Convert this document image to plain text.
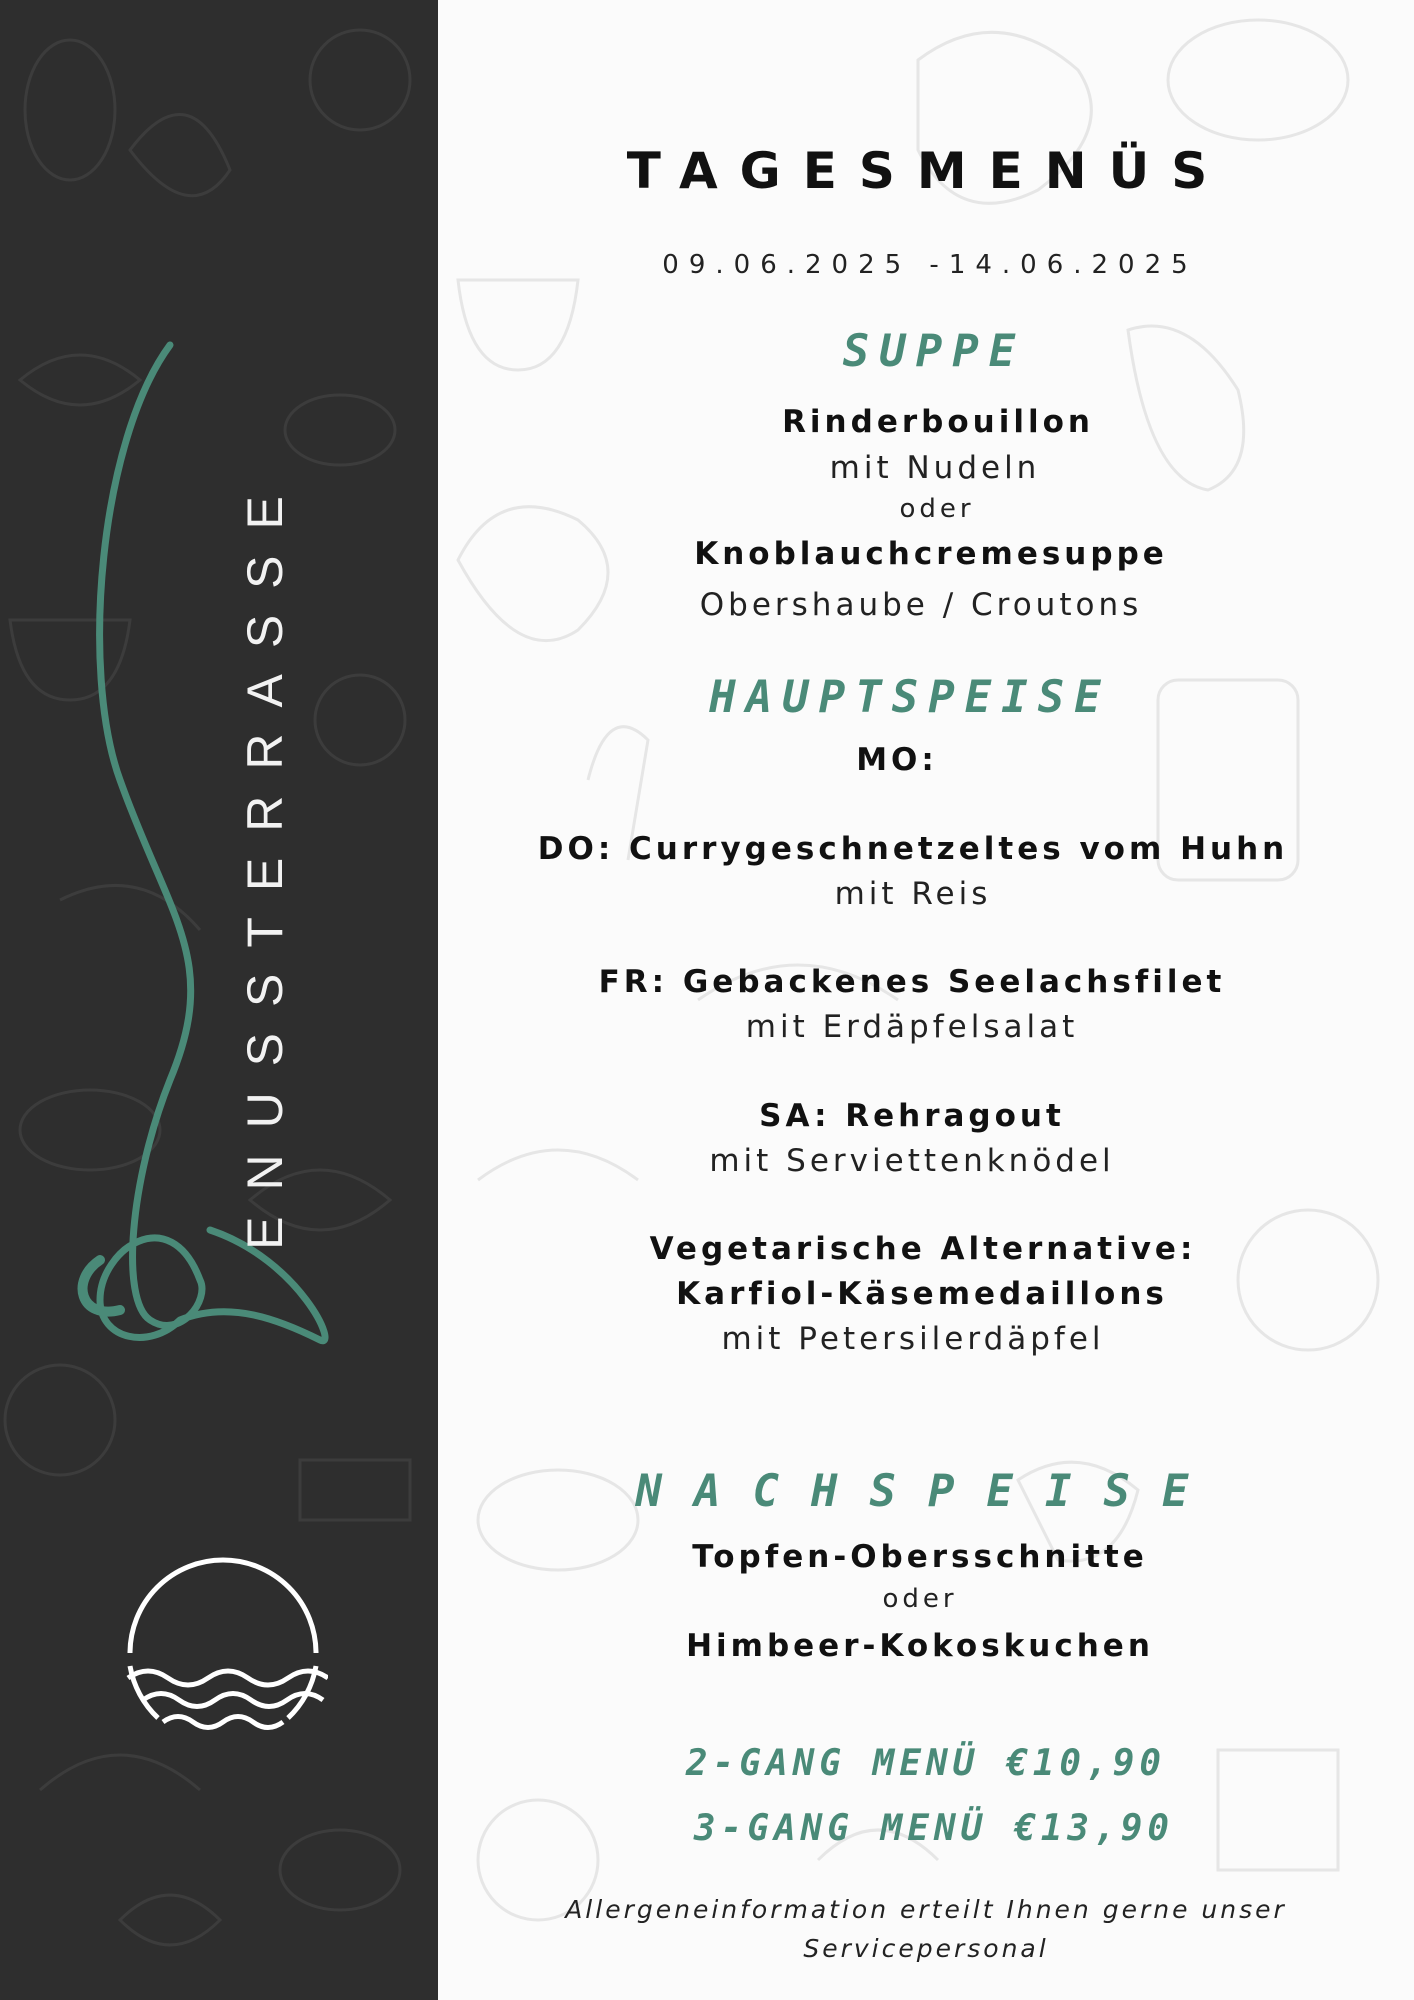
ENUSSTERRASSE
TAGESMENÜS
09.06.2025 -14.06.2025
SUPPE
Rinderbouillon
mit Nudeln
oder
Knoblauchcremesuppe
Obershaube / Croutons
HAUPTSPEISE
MO:
DO: Currygeschnetzeltes vom Huhn
mit Reis
FR: Gebackenes Seelachsfilet
mit Erdäpfelsalat
SA: Rehragout
mit Serviettenknödel
Vegetarische Alternative:
Karfiol-Käsemedaillons
mit Petersilerdäpfel
NACHSPEISE
Topfen-Obersschnitte
oder
Himbeer-Kokoskuchen
2-GANG MENÜ €10,90
3-GANG MENÜ €13,90
Allergeneinformation erteilt Ihnen gerne unser
Servicepersonal
